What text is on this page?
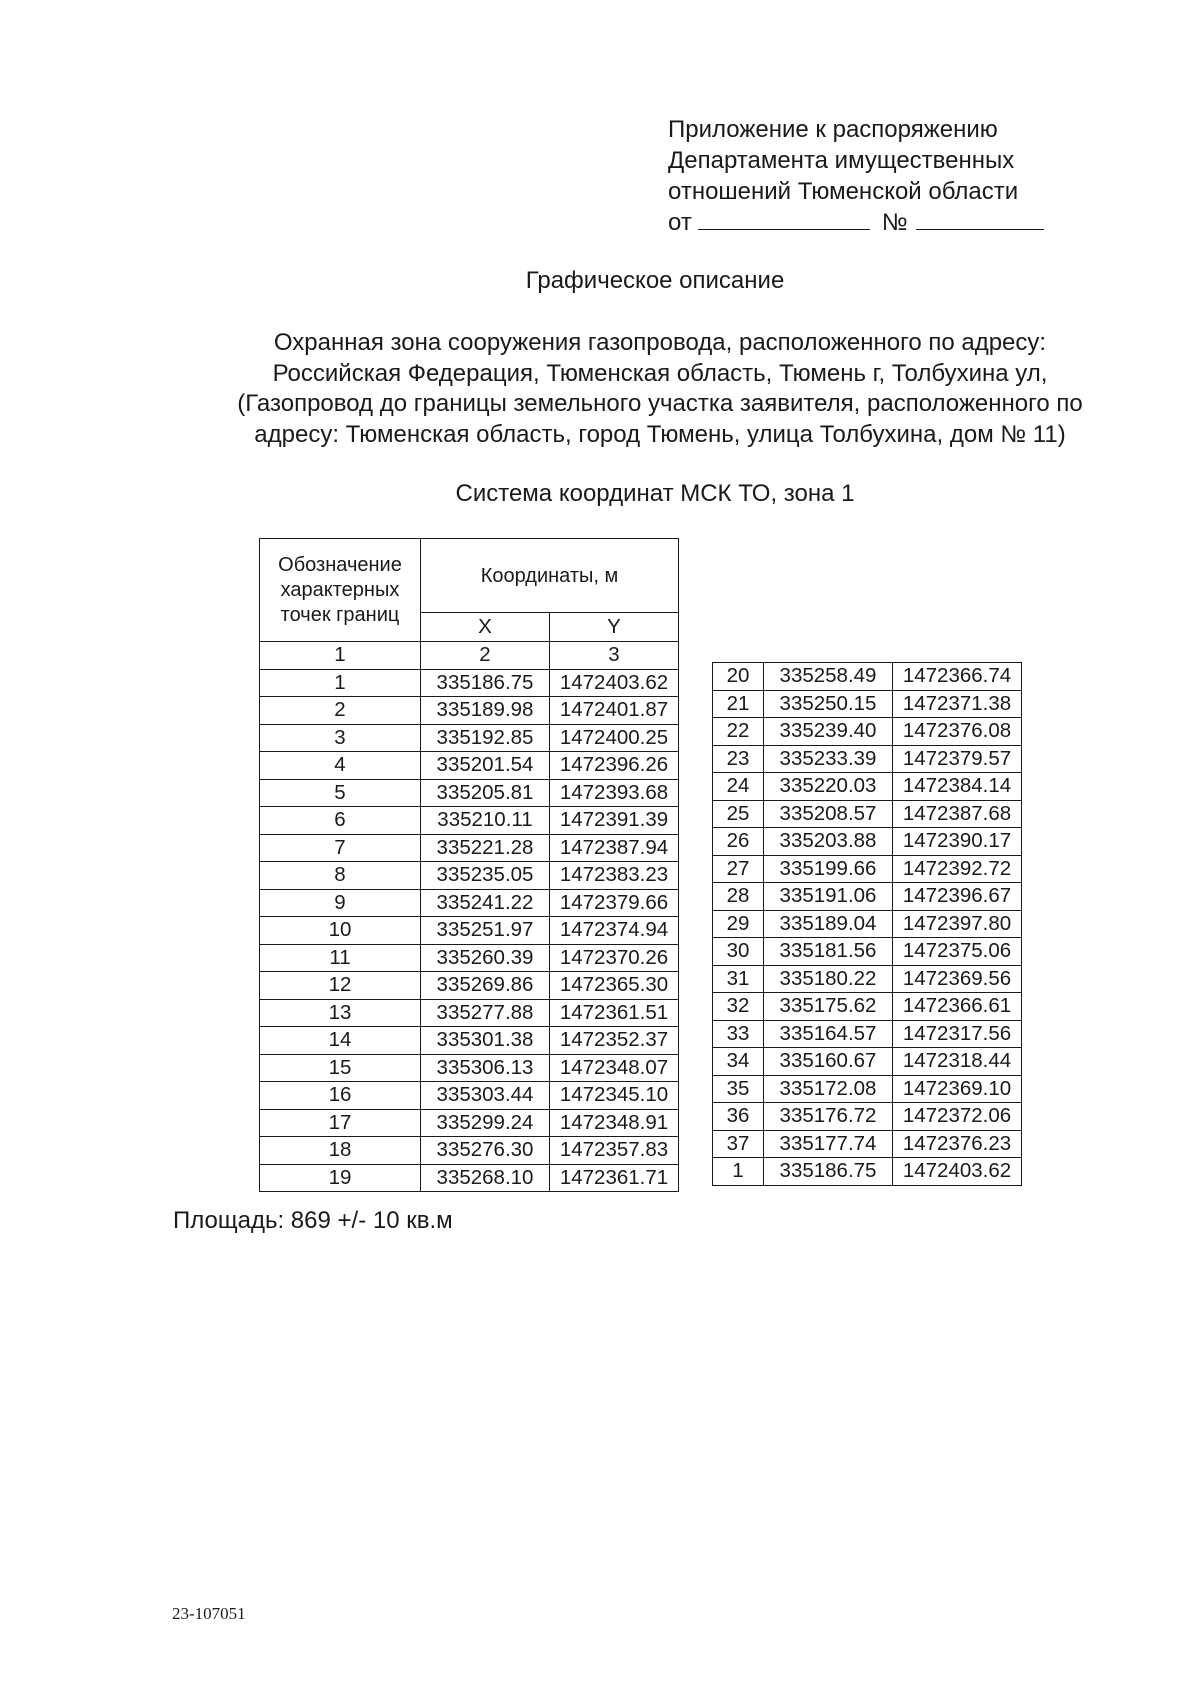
Приложение к распоряжению
Департамента имущественных
отношений Тюменской области
от	№
Графическое описание
Охранная зона сооружения газопровода, расположенного по адресу:
Российская Федерация, Тюменская область, Тюмень г, Толбухина ул,
(Газопровод до границы земельного участка заявителя, расположенного по
адресу: Тюменская область, город Тюмень, улица Толбухина, дом № 11)
Система координат МСК ТО, зона 1
Обозначение
характерных
точек границ	Координаты, м	
	X	Y
1	2	3
1	335186.75	1472403.62
2	335189.98	1472401.87
3	335192.85	1472400.25
4	335201.54	1472396.26
5	335205.81	1472393.68
6	335210.11	1472391.39
7	335221.28	1472387.94
8	335235.05	1472383.23
9	335241.22	1472379.66
10	335251.97	1472374.94
11	335260.39	1472370.26
12	335269.86	1472365.30
13	335277.88	1472361.51
14	335301.38	1472352.37
15	335306.13	1472348.07
16	335303.44	1472345.10
17	335299.24	1472348.91
18	335276.30	1472357.83
19	335268.10	1472361.71
20	335258.49	1472366.74
21	335250.15	1472371.38
22	335239.40	1472376.08
23	335233.39	1472379.57
24	335220.03	1472384.14
25	335208.57	1472387.68
26	335203.88	1472390.17
27	335199.66	1472392.72
28	335191.06	1472396.67
29	335189.04	1472397.80
30	335181.56	1472375.06
31	335180.22	1472369.56
32	335175.62	1472366.61
33	335164.57	1472317.56
34	335160.67	1472318.44
35	335172.08	1472369.10
36	335176.72	1472372.06
37	335177.74	1472376.23
1	335186.75	1472403.62
Площадь: 869 +/- 10 кв.м
23-107051
